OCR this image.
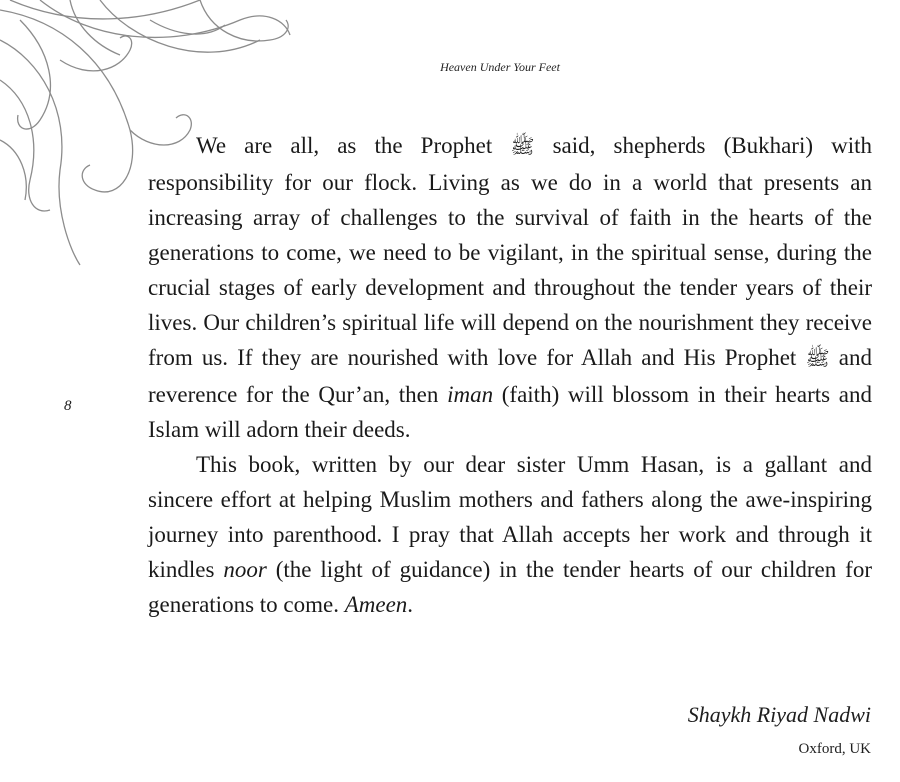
Heaven Under Your Feet
8

We are all, as the Prophet ﷺ said, shepherds (Bukhari) with responsibility for our flock. Living as we do in a world that presents an increasing array of challenges to the survival of faith in the hearts of the generations to come, we need to be vigilant, in the spiritual sense, during the crucial stages of early development and throughout the tender years of their lives. Our children’s spiritual life will depend on the nourishment they receive from us. If they are nourished with love for Allah and His Prophet ﷺ and reverence for the Qur’an, then iman (faith) will blossom in their hearts and Islam will adorn their deeds.

This book, written by our dear sister Umm Hasan, is a gallant and sincere effort at helping Muslim mothers and fathers along the awe-inspiring journey into parenthood. I pray that Allah accepts her work and through it kindles noor (the light of guidance) in the tender hearts of our children for generations to come. Ameen.

Shaykh Riyad Nadwi
Oxford, UK
